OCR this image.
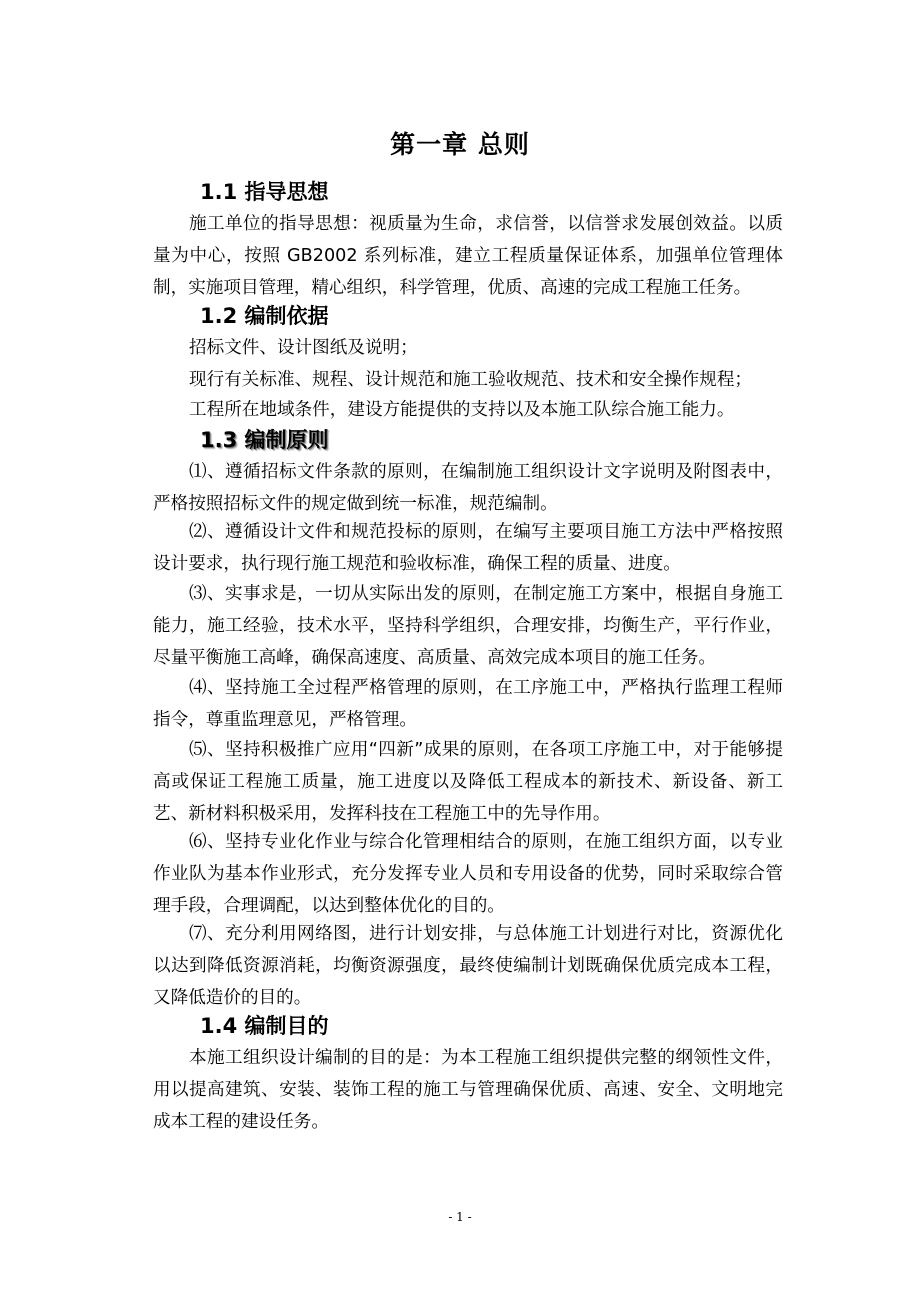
第一章 总则
1.1 指导思想

施工单位的指导思想：视质量为生命，求信誉，以信誉求发展创效益。以质量为中心，按照 GB2002 系列标准，建立工程质量保证体系，加强单位管理体制，实施项目管理，精心组织，科学管理，优质、高速的完成工程施工任务。

1.2 编制依据

招标文件、设计图纸及说明；

现行有关标准、规程、设计规范和施工验收规范、技术和安全操作规程；

工程所在地域条件，建设方能提供的支持以及本施工队综合施工能力。

1.3 编制原则

⑴、遵循招标文件条款的原则，在编制施工组织设计文字说明及附图表中，严格按照招标文件的规定做到统一标准，规范编制。

⑵、遵循设计文件和规范投标的原则，在编写主要项目施工方法中严格按照设计要求，执行现行施工规范和验收标准，确保工程的质量、进度。

⑶、实事求是，一切从实际出发的原则，在制定施工方案中，根据自身施工能力，施工经验，技术水平，坚持科学组织，合理安排，均衡生产，平行作业，尽量平衡施工高峰，确保高速度、高质量、高效完成本项目的施工任务。

⑷、坚持施工全过程严格管理的原则，在工序施工中，严格执行监理工程师指令，尊重监理意见，严格管理。

⑸、坚持积极推广应用“四新”成果的原则，在各项工序施工中，对于能够提高或保证工程施工质量，施工进度以及降低工程成本的新技术、新设备、新工艺、新材料积极采用，发挥科技在工程施工中的先导作用。

⑹、坚持专业化作业与综合化管理相结合的原则，在施工组织方面，以专业作业队为基本作业形式，充分发挥专业人员和专用设备的优势，同时采取综合管理手段，合理调配，以达到整体优化的目的。

⑺、充分利用网络图，进行计划安排，与总体施工计划进行对比，资源优化以达到降低资源消耗，均衡资源强度，最终使编制计划既确保优质完成本工程，又降低造价的目的。

1.4 编制目的

本施工组织设计编制的目的是：为本工程施工组织提供完整的纲领性文件，用以提高建筑、安装、装饰工程的施工与管理确保优质、高速、安全、文明地完成本工程的建设任务。

- 1 -
